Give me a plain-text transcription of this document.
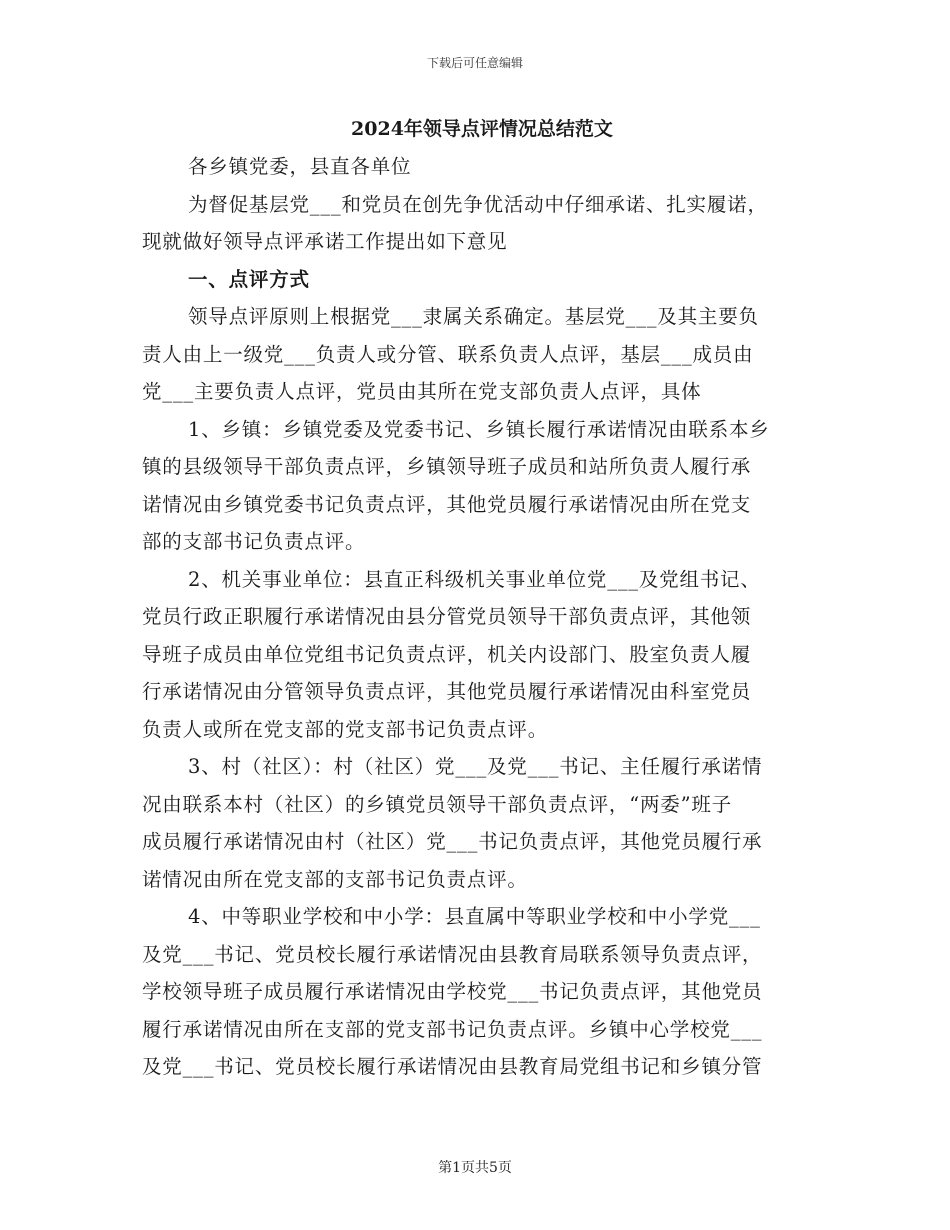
下载后可任意编辑
2024年领导点评情况总结范文

各乡镇党委，县直各单位

为督促基层党___和党员在创先争优活动中仔细承诺、扎实履诺，

现就做好领导点评承诺工作提出如下意见

一、点评方式

领导点评原则上根据党___隶属关系确定。基层党___及其主要负

责人由上一级党___负责人或分管、联系负责人点评，基层___成员由

党___主要负责人点评，党员由其所在党支部负责人点评，具体

1、乡镇：乡镇党委及党委书记、乡镇长履行承诺情况由联系本乡

镇的县级领导干部负责点评，乡镇领导班子成员和站所负责人履行承

诺情况由乡镇党委书记负责点评，其他党员履行承诺情况由所在党支

部的支部书记负责点评。

2、机关事业单位：县直正科级机关事业单位党___及党组书记、

党员行政正职履行承诺情况由县分管党员领导干部负责点评，其他领

导班子成员由单位党组书记负责点评，机关内设部门、股室负责人履

行承诺情况由分管领导负责点评，其他党员履行承诺情况由科室党员

负责人或所在党支部的党支部书记负责点评。

3、村（社区）：村（社区）党___及党___书记、主任履行承诺情

况由联系本村（社区）的乡镇党员领导干部负责点评，“两委”班子

成员履行承诺情况由村（社区）党___书记负责点评，其他党员履行承

诺情况由所在党支部的支部书记负责点评。

4、中等职业学校和中小学：县直属中等职业学校和中小学党___

及党___书记、党员校长履行承诺情况由县教育局联系领导负责点评，

学校领导班子成员履行承诺情况由学校党___书记负责点评，其他党员

履行承诺情况由所在支部的党支部书记负责点评。乡镇中心学校党___

及党___书记、党员校长履行承诺情况由县教育局党组书记和乡镇分管

第1页共5页
